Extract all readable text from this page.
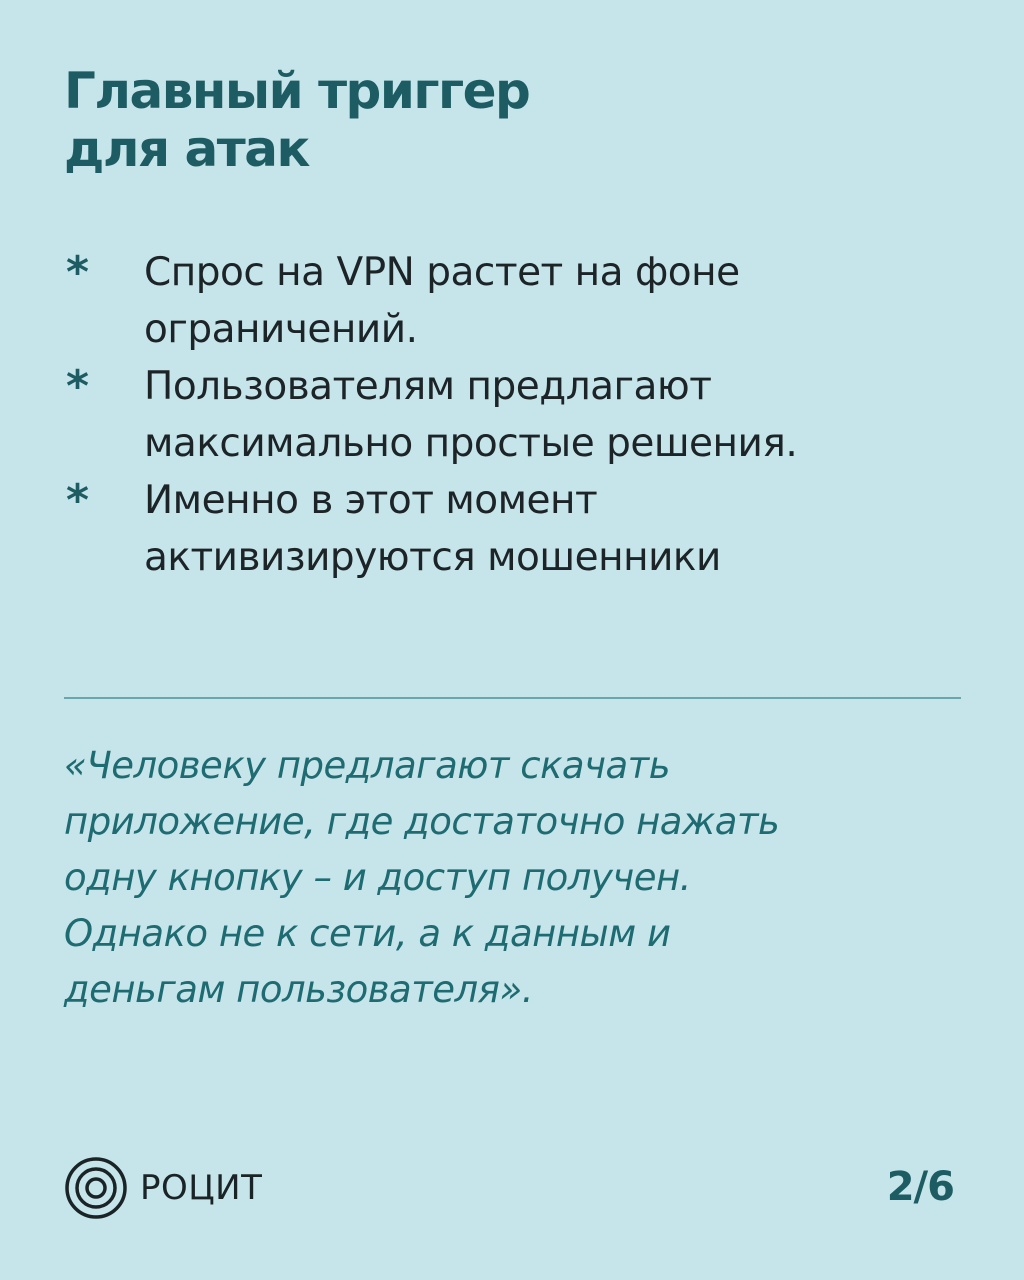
Главный триггер
для атак
*	Спрос на VPN растет на фоне
ограничений.
*	Пользователям предлагают
максимально простые решения.
*	Именно в этот момент
активизируются мошенники
«Человеку предлагают скачать
приложение, где достаточно нажать
одну кнопку – и доступ получен.
Однако не к сети, а к данным и
деньгам пользователя».
РОЦИТ	2/6
